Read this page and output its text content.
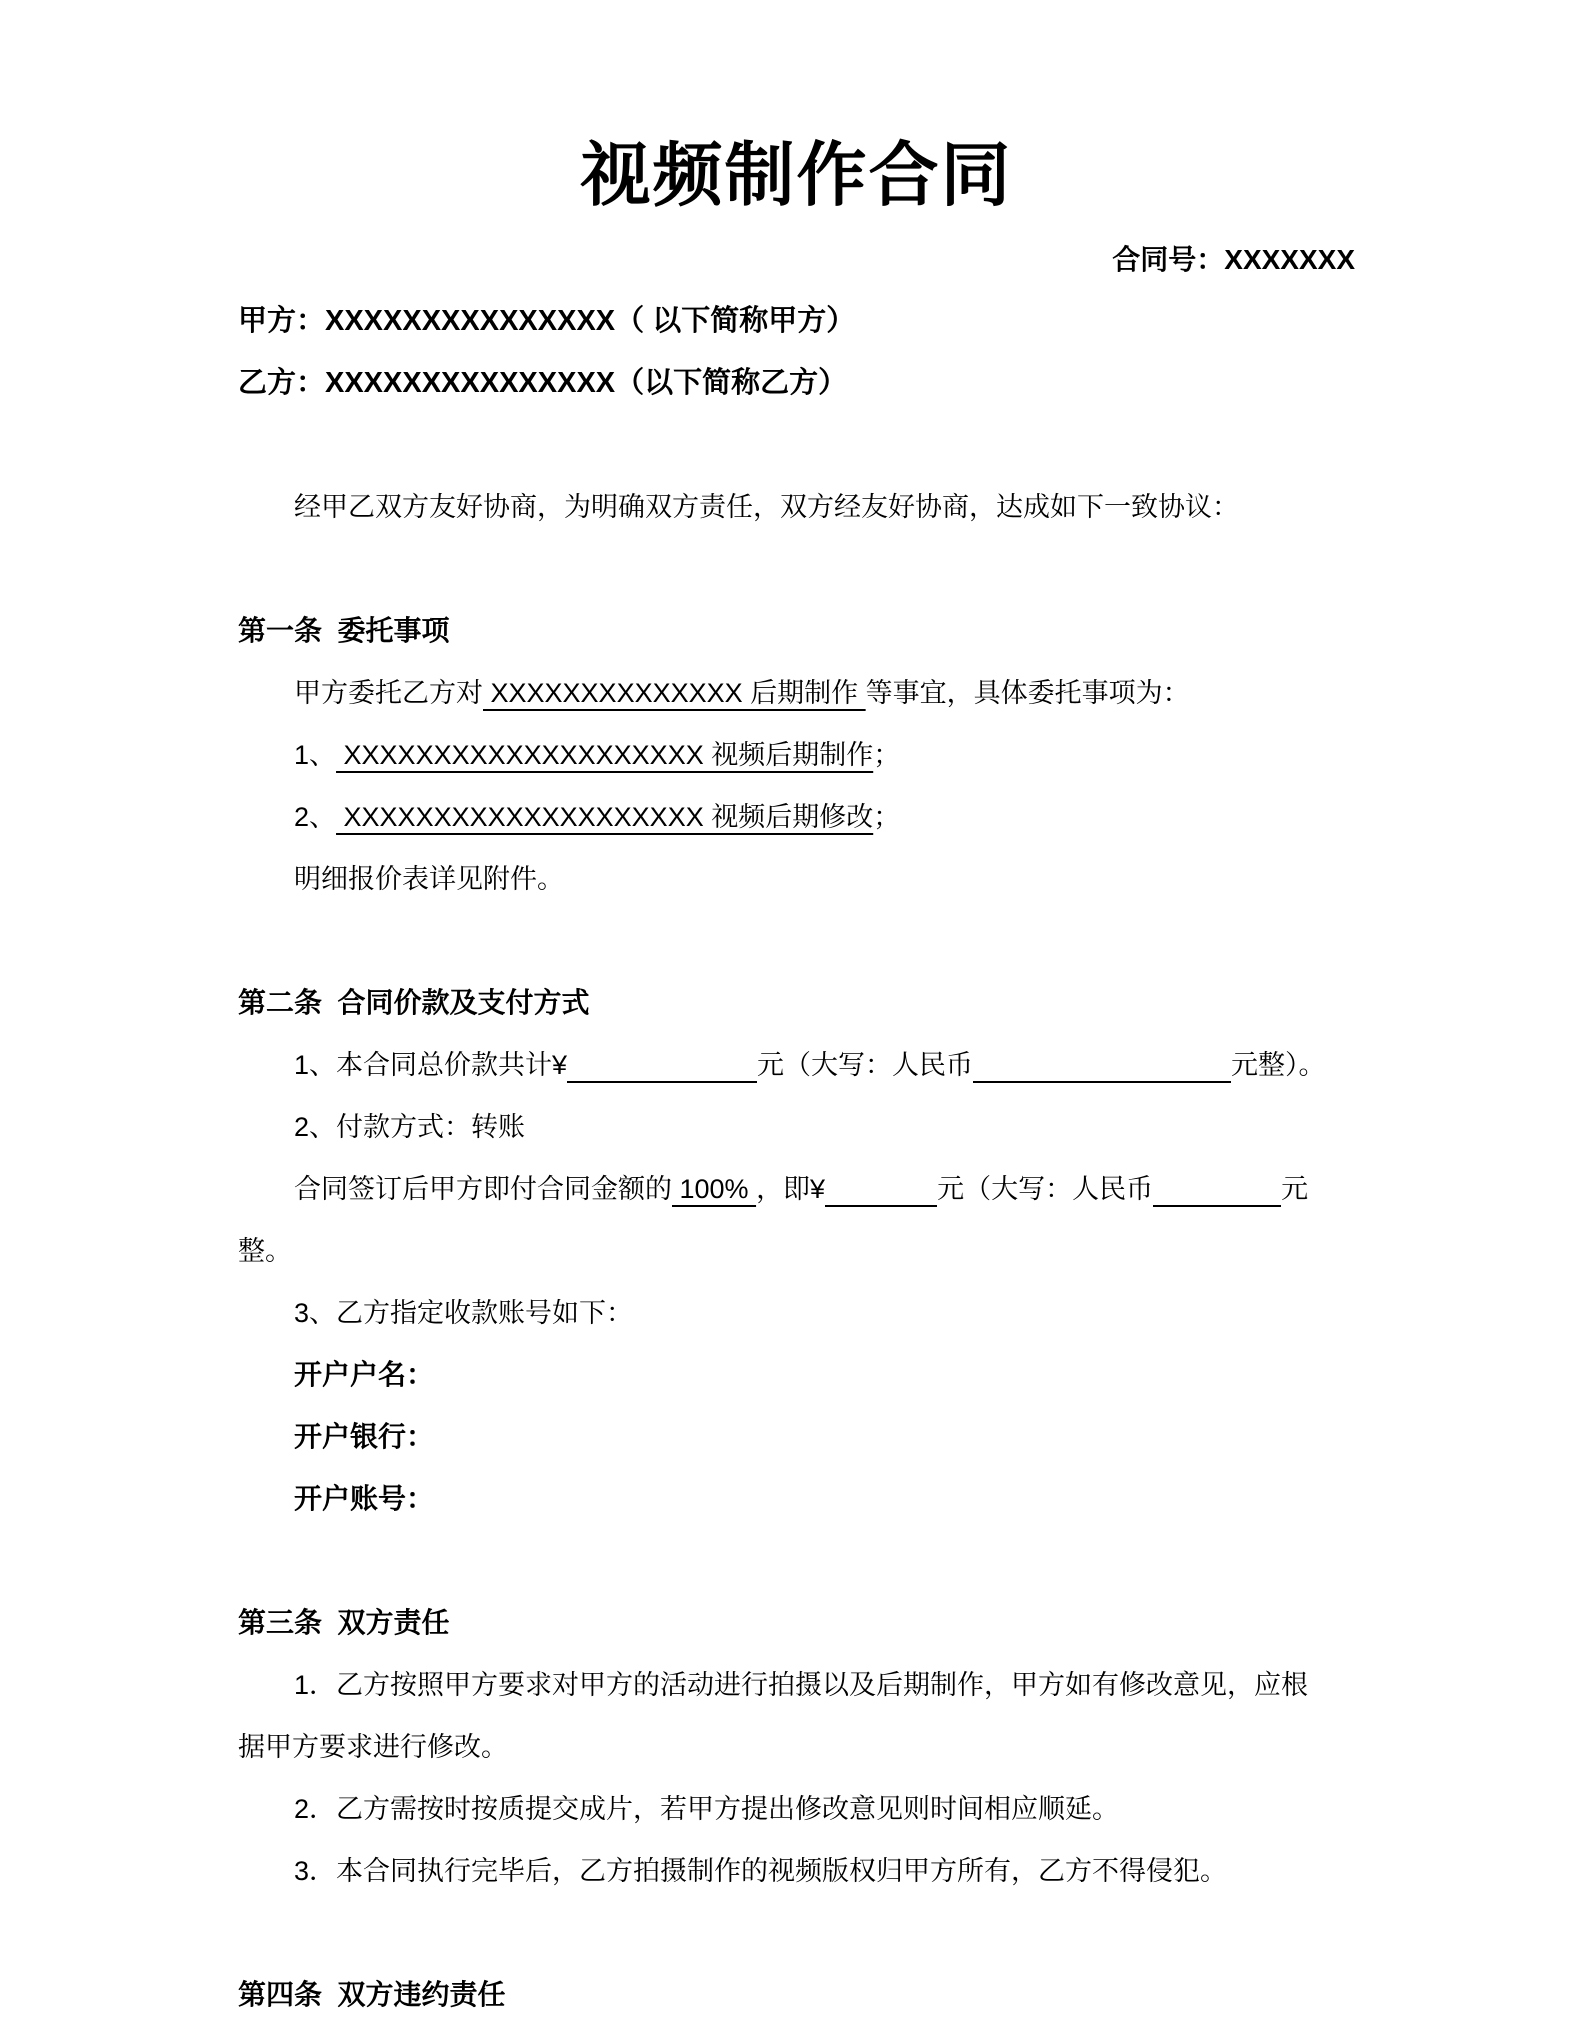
视频制作合同
合同号：XXXXXXX
甲方：XXXXXXXXXXXXXXX（ 以下简称甲方）
乙方：XXXXXXXXXXXXXXX（以下简称乙方）
经甲乙双方友好协商，为明确双方责任，双方经友好协商，达成如下一致协议：
第一条  委托事项
甲方委托乙方对 XXXXXXXXXXXXXX 后期制作 等事宜，具体委托事项为：
1、 XXXXXXXXXXXXXXXXXXXX 视频后期制作；
2、 XXXXXXXXXXXXXXXXXXXX 视频后期修改；
明细报价表详见附件。
第二条  合同价款及支付方式
1、本合同总价款共计¥	元（大写：人民币	元整）。
2、付款方式：转账
合同签订后甲方即付合同金额的 100% ，即¥	元（大写：人民币	元
整。
3、乙方指定收款账号如下：
开户户名：
开户银行：
开户账号：
第三条  双方责任
1．乙方按照甲方要求对甲方的活动进行拍摄以及后期制作，甲方如有修改意见，应根
据甲方要求进行修改。
2．乙方需按时按质提交成片，若甲方提出修改意见则时间相应顺延。
3．本合同执行完毕后，乙方拍摄制作的视频版权归甲方所有，乙方不得侵犯。
第四条  双方违约责任
